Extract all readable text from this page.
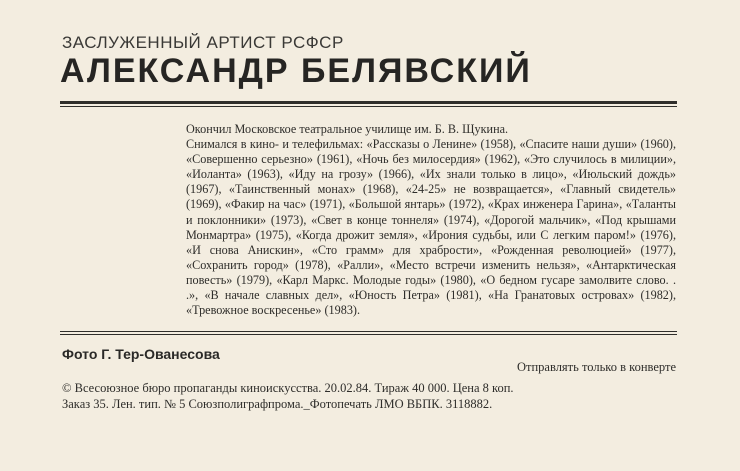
ЗАСЛУЖЕННЫЙ АРТИСТ РСФСР
АЛЕКСАНДР БЕЛЯВСКИЙ

Окончил Московское театральное училище им. Б. В. Щукина.

Снимался в кино- и телефильмах: «Рассказы о Ленине» (1958), «Спасите наши души» (1960), «Совершенно серьезно» (1961), «Ночь без милосердия» (1962), «Это случилось в милиции», «Иоланта» (1963), «Иду на грозу» (1966), «Их знали только в лицо», «Июльский дождь» (1967), «Таинственный монах» (1968), «24-25» не возвращается», «Главный свидетель» (1969), «Факир на час» (1971), «Большой янтарь» (1972), «Крах инженера Гарина», «Таланты и поклонники» (1973), «Свет в конце тоннеля» (1974), «Дорогой мальчик», «Под крышами Монмартра» (1975), «Когда дрожит земля», «Ирония судьбы, или С легким паром!» (1976), «И снова Анискин», «Сто грамм» для храбрости», «Рожденная революцией» (1977), «Сохранить город» (1978), «Ралли», «Место встречи изменить нельзя», «Антарктическая повесть» (1979), «Карл Маркс. Молодые годы» (1980), «О бедном гусаре замолвите слово. . .», «В начале славных дел», «Юность Петра» (1981), «На Гранатовых островах» (1982), «Тревожное воскресенье» (1983).

Фото Г. Тер-Ованесова
Отправлять только в конверте
© Всесоюзное бюро пропаганды киноискусства. 20.02.84. Тираж 40 000. Цена 8 коп.
Заказ 35. Лен. тип. № 5 Союзполиграфпрома._Фотопечать ЛМО ВБПК. 3118882.
